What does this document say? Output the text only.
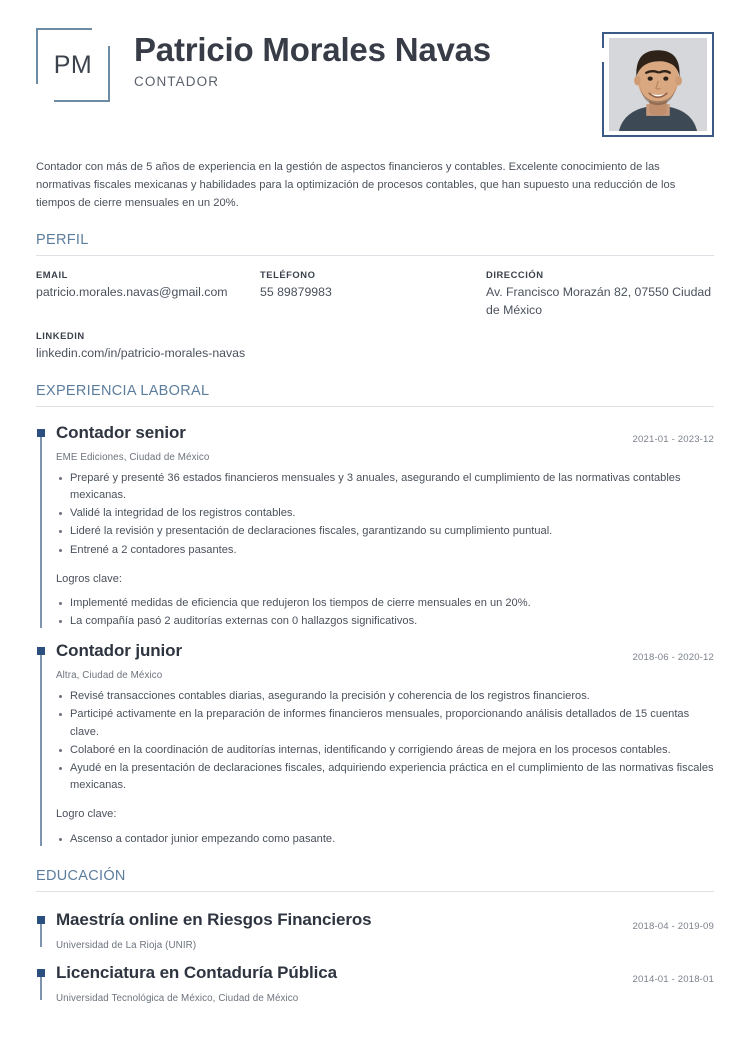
PM	Patricio Morales Navas
CONTADOR

Contador con más de 5 años de experiencia en la gestión de aspectos financieros y contables. Excelente conocimiento de las normativas fiscales mexicanas y habilidades para la optimización de procesos contables, que han supuesto una reducción de los tiempos de cierre mensuales en un 20%.

PERFIL
EMAIL
patricio.morales.navas@gmail.com
TELÉFONO
55 89879983
DIRECCIÓN
Av. Francisco Morazán 82, 07550 Ciudad de México
LINKEDIN
linkedin.com/in/patricio-morales-navas
EXPERIENCIA LABORAL
Contador senior	2021-01 - 2023-12
EME Ediciones, Ciudad de México
Preparé y presenté 36 estados financieros mensuales y 3 anuales, asegurando el cumplimiento de las normativas contables mexicanas.
Validé la integridad de los registros contables.
Lideré la revisión y presentación de declaraciones fiscales, garantizando su cumplimiento puntual.
Entrené a 2 contadores pasantes.
Logros clave:
Implementé medidas de eficiencia que redujeron los tiempos de cierre mensuales en un 20%.
La compañía pasó 2 auditorías externas con 0 hallazgos significativos.
Contador junior	2018-06 - 2020-12
Altra, Ciudad de México
Revisé transacciones contables diarias, asegurando la precisión y coherencia de los registros financieros.
Participé activamente en la preparación de informes financieros mensuales, proporcionando análisis detallados de 15 cuentas clave.
Colaboré en la coordinación de auditorías internas, identificando y corrigiendo áreas de mejora en los procesos contables.
Ayudé en la presentación de declaraciones fiscales, adquiriendo experiencia práctica en el cumplimiento de las normativas fiscales mexicanas.
Logro clave:
Ascenso a contador junior empezando como pasante.
EDUCACIÓN
Maestría online en Riesgos Financieros	2018-04 - 2019-09
Universidad de La Rioja (UNIR)
Licenciatura en Contaduría Pública	2014-01 - 2018-01
Universidad Tecnológica de México, Ciudad de México
